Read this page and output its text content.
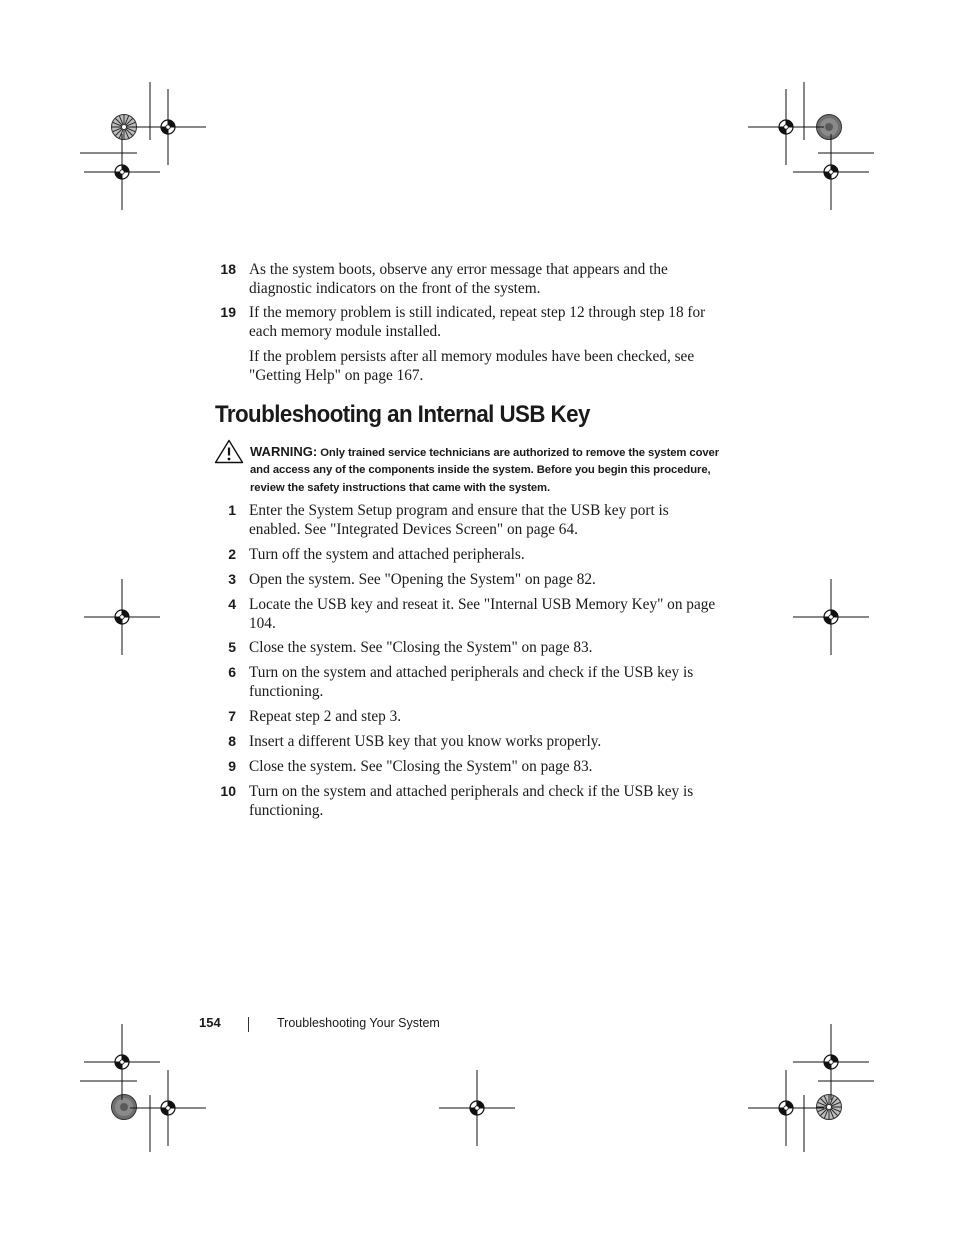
18 As the system boots, observe any error message that appears and the diagnostic indicators on the front of the system.
19 If the memory problem is still indicated, repeat step 12 through step 18 for each memory module installed.
If the problem persists after all memory modules have been checked, see "Getting Help" on page 167.
Troubleshooting an Internal USB Key
WARNING: Only trained service technicians are authorized to remove the system cover and access any of the components inside the system. Before you begin this procedure, review the safety instructions that came with the system.
1 Enter the System Setup program and ensure that the USB key port is enabled. See "Integrated Devices Screen" on page 64.
2 Turn off the system and attached peripherals.
3 Open the system. See "Opening the System" on page 82.
4 Locate the USB key and reseat it. See "Internal USB Memory Key" on page 104.
5 Close the system. See "Closing the System" on page 83.
6 Turn on the system and attached peripherals and check if the USB key is functioning.
7 Repeat step 2 and step 3.
8 Insert a different USB key that you know works properly.
9 Close the system. See "Closing the System" on page 83.
10 Turn on the system and attached peripherals and check if the USB key is functioning.
154	Troubleshooting Your System
